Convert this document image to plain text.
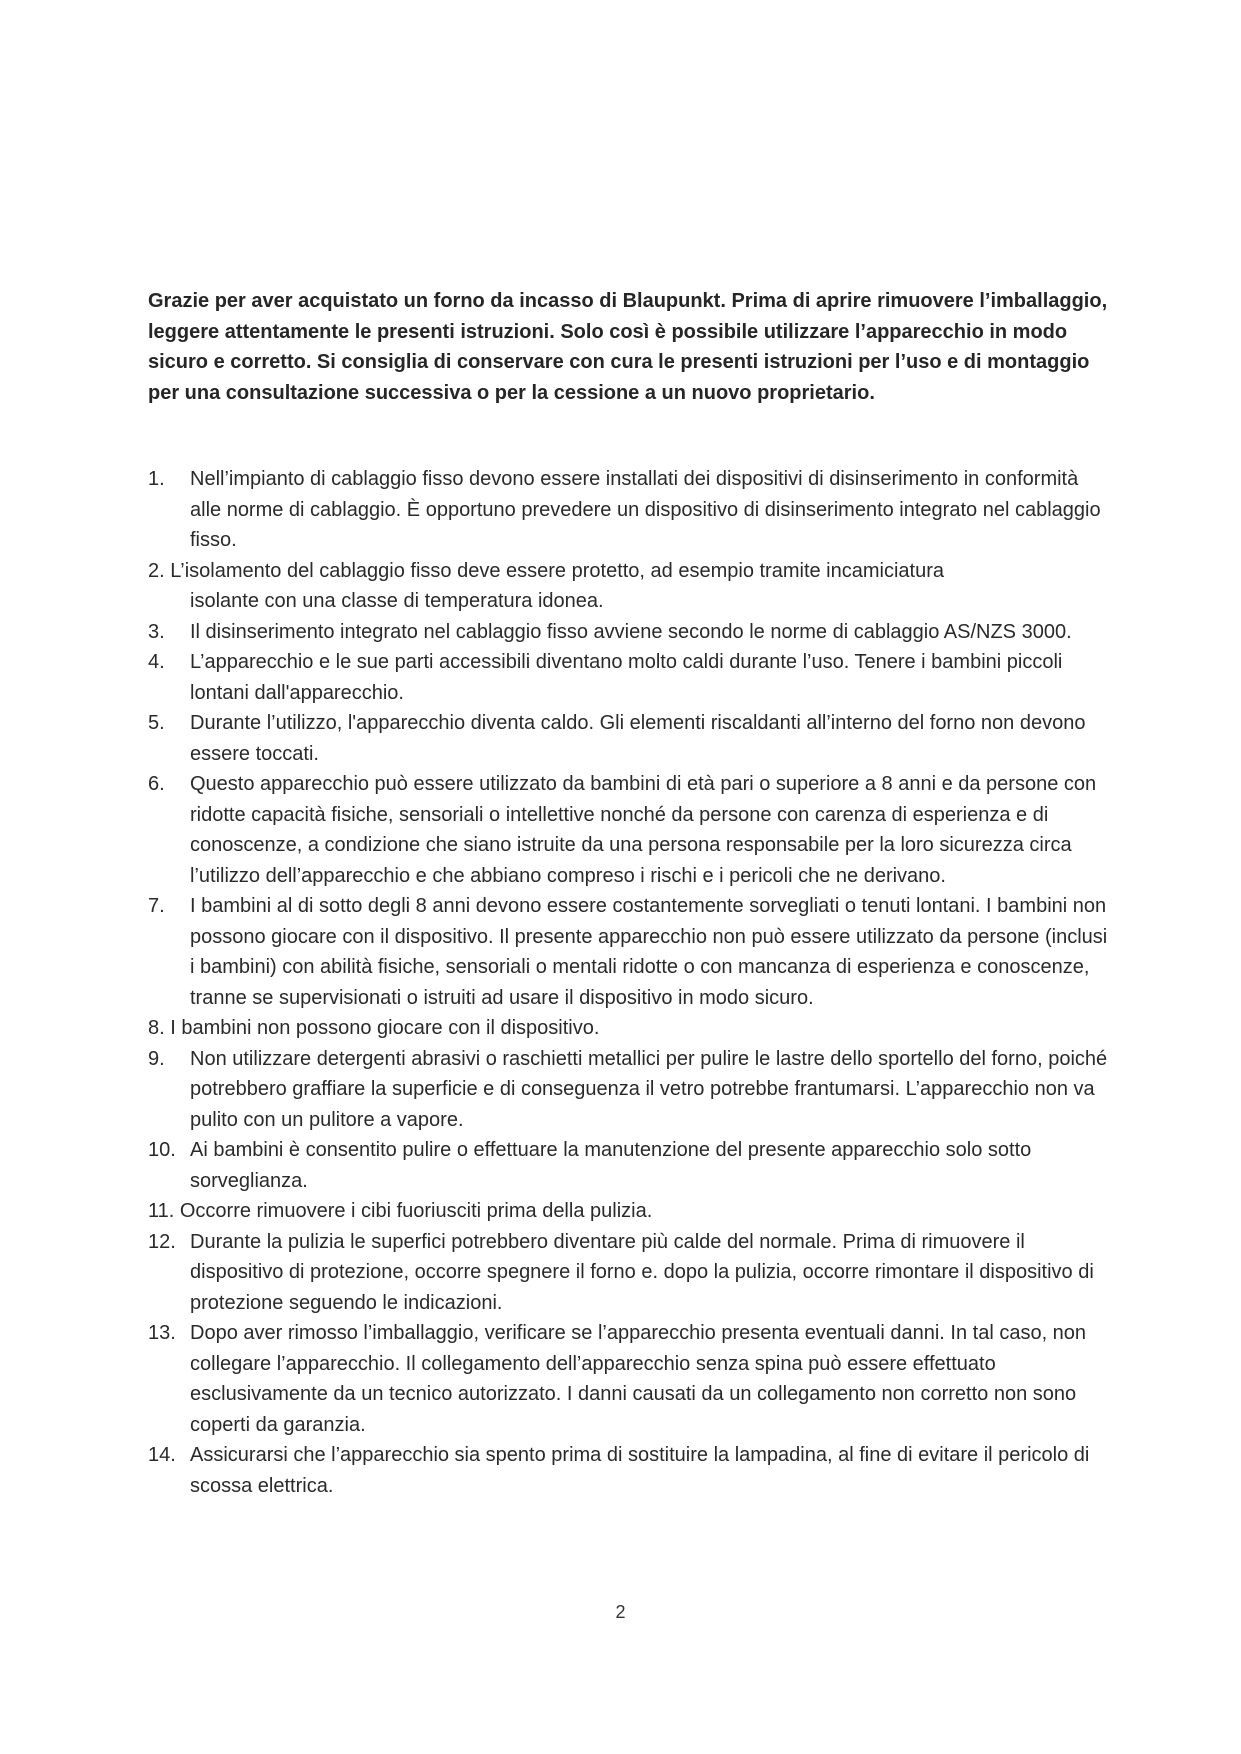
Grazie per aver acquistato un forno da incasso di Blaupunkt. Prima di aprire rimuovere l’imballaggio, leggere attentamente le presenti istruzioni. Solo così è possibile utilizzare l’apparecchio in modo sicuro e corretto. Si consiglia di conservare con cura le presenti istruzioni per l’uso e di montaggio per una consultazione successiva o per la cessione a un nuovo proprietario.

1. Nell’impianto di cablaggio fisso devono essere installati dei dispositivi di disinserimento in conformità alle norme di cablaggio. È opportuno prevedere un dispositivo di disinserimento integrato nel cablaggio fisso.
2. L’isolamento del cablaggio fisso deve essere protetto, ad esempio tramite incamiciatura
isolante con una classe di temperatura idonea.
3. Il disinserimento integrato nel cablaggio fisso avviene secondo le norme di cablaggio AS/NZS 3000.
4. L’apparecchio e le sue parti accessibili diventano molto caldi durante l’uso. Tenere i bambini piccoli lontani dall'apparecchio.
5. Durante l’utilizzo, l'apparecchio diventa caldo. Gli elementi riscaldanti all’interno del forno non devono essere toccati.
6. Questo apparecchio può essere utilizzato da bambini di età pari o superiore a 8 anni e da persone con ridotte capacità fisiche, sensoriali o intellettive nonché da persone con carenza di esperienza e di conoscenze, a condizione che siano istruite da una persona responsabile per la loro sicurezza circa l’utilizzo dell’apparecchio e che abbiano compreso i rischi e i pericoli che ne derivano.
7. I bambini al di sotto degli 8 anni devono essere costantemente sorvegliati o tenuti lontani. I bambini non possono giocare con il dispositivo. Il presente apparecchio non può essere utilizzato da persone (inclusi i bambini) con abilità fisiche, sensoriali o mentali ridotte o con mancanza di esperienza e conoscenze, tranne se supervisionati o istruiti ad usare il dispositivo in modo sicuro.
8. I bambini non possono giocare con il dispositivo.
9. Non utilizzare detergenti abrasivi o raschietti metallici per pulire le lastre dello sportello del forno, poiché potrebbero graffiare la superficie e di conseguenza il vetro potrebbe frantumarsi. L’apparecchio non va pulito con un pulitore a vapore.
10. Ai bambini è consentito pulire o effettuare la manutenzione del presente apparecchio solo sotto sorveglianza.
11. Occorre rimuovere i cibi fuoriusciti prima della pulizia.
12. Durante la pulizia le superfici potrebbero diventare più calde del normale. Prima di rimuovere il dispositivo di protezione, occorre spegnere il forno e. dopo la pulizia, occorre rimontare il dispositivo di protezione seguendo le indicazioni.
13. Dopo aver rimosso l’imballaggio, verificare se l’apparecchio presenta eventuali danni. In tal caso, non collegare l’apparecchio. Il collegamento dell’apparecchio senza spina può essere effettuato esclusivamente da un tecnico autorizzato. I danni causati da un collegamento non corretto non sono coperti da garanzia.
14. Assicurarsi che l’apparecchio sia spento prima di sostituire la lampadina, al fine di evitare il pericolo di scossa elettrica.
2
